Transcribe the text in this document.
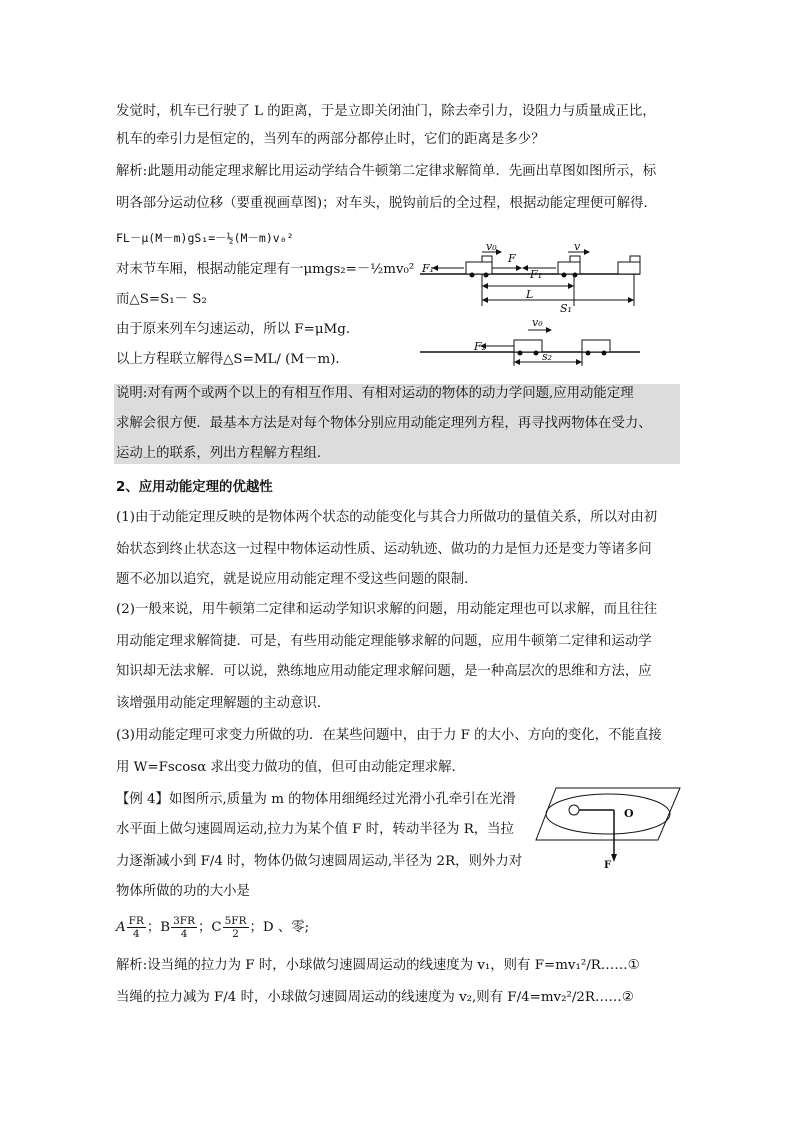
发觉时，机车已行驶了 L 的距离，于是立即关闭油门，除去牵引力，设阻力与质量成正比，
机车的牵引力是恒定的，当列车的两部分都停止时，它们的距离是多少？
解析:此题用动能定理求解比用运动学结合牛顿第二定律求解简单．先画出草图如图所示，标
明各部分运动位移（要重视画草图)；对车头，脱钩前后的全过程，根据动能定理便可解得．
FL－μ(M－m)gS₁=－½(M－m)v₀²
对末节车厢，根据动能定理有一μmgs₂=－½mv₀²
而△S=S₁－ S₂
由于原来列车匀速运动，所以 F=μMg．
以上方程联立解得△S=ML/ (M－m)．
v₀	v
F
F₁	F₁
L
S₁
v₀
F₂
s₂
说明:对有两个或两个以上的有相互作用、有相对运动的物体的动力学问题,应用动能定理
求解会很方便．最基本方法是对每个物体分别应用动能定理列方程，再寻找两物体在受力、
运动上的联系，列出方程解方程组．
2、应用动能定理的优越性
(1)由于动能定理反映的是物体两个状态的动能变化与其合力所做功的量值关系，所以对由初
始状态到终止状态这一过程中物体运动性质、运动轨迹、做功的力是恒力还是变力等诸多问
题不必加以追究，就是说应用动能定理不受这些问题的限制．
(2)一般来说，用牛顿第二定律和运动学知识求解的问题，用动能定理也可以求解，而且往往
用动能定理求解简捷．可是，有些用动能定理能够求解的问题，应用牛顿第二定律和运动学
知识却无法求解．可以说，熟练地应用动能定理求解问题，是一种高层次的思维和方法，应
该增强用动能定理解题的主动意识．
(3)用动能定理可求变力所做的功．在某些问题中，由于力 F 的大小、方向的变化，不能直接
用 W=Fscosα 求出变力做功的值，但可由动能定理求解．
【例 4】如图所示,质量为 m 的物体用细绳经过光滑小孔牵引在光滑
水平面上做匀速圆周运动,拉力为某个值 F 时，转动半径为 R，当拉
力逐渐减小到 F/4 时，物体仍做匀速圆周运动,半径为 2R，则外力对
物体所做的功的大小是
O
F
A $\frac{FR}{4}$ ；B $\frac{3FR}{4}$ ；C $\frac{5FR}{2}$ ；D 、零;
解析:设当绳的拉力为 F 时，小球做匀速圆周运动的线速度为 v₁，则有 F=mv₁²/R……①
当绳的拉力减为 F/4 时，小球做匀速圆周运动的线速度为 v₂,则有 F/4=mv₂²/2R……②
